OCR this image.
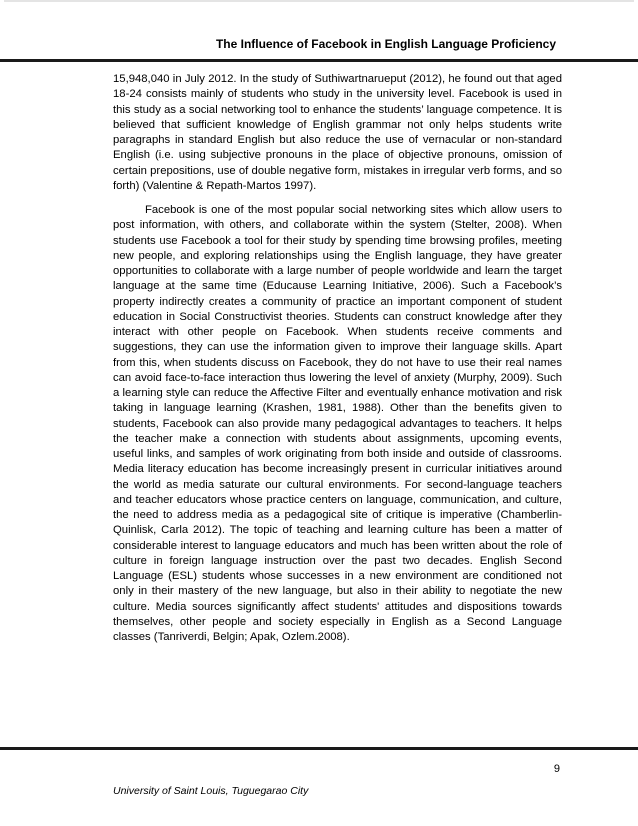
The Influence of Facebook in English Language Proficiency

15,948,040 in July 2012. In the study of Suthiwartnarueput (2012), he found out that aged 18-24 consists mainly of students who study in the university level. Facebook is used in this study as a social networking tool to enhance the students’ language competence. It is believed that sufficient knowledge of English grammar not only helps students write paragraphs in standard English but also reduce the use of vernacular or non-standard English (i.e. using subjective pronouns in the place of objective pronouns, omission of certain prepositions, use of double negative form, mistakes in irregular verb forms, and so forth) (Valentine & Repath-Martos 1997).

Facebook is one of the most popular social networking sites which allow users to post information, with others, and collaborate within the system (Stelter, 2008). When students use Facebook a tool for their study by spending time browsing profiles, meeting new people, and exploring relationships using the English language, they have greater opportunities to collaborate with a large number of people worldwide and learn the target language at the same time (Educause Learning Initiative, 2006). Such a Facebook’s property indirectly creates a community of practice an important component of student education in Social Constructivist theories. Students can construct knowledge after they interact with other people on Facebook. When students receive comments and suggestions, they can use the information given to improve their language skills. Apart from this, when students discuss on Facebook, they do not have to use their real names can avoid face-to-face interaction thus lowering the level of anxiety (Murphy, 2009). Such a learning style can reduce the Affective Filter and eventually enhance motivation and risk taking in language learning (Krashen, 1981, 1988). Other than the benefits given to students, Facebook can also provide many pedagogical advantages to teachers. It helps the teacher make a connection with students about assignments, upcoming events, useful links, and samples of work originating from both inside and outside of classrooms. Media literacy education has become increasingly present in curricular initiatives around the world as media saturate our cultural environments. For second-language teachers and teacher educators whose practice centers on language, communication, and culture, the need to address media as a pedagogical site of critique is imperative (Chamberlin-Quinlisk, Carla 2012). The topic of teaching and learning culture has been a matter of considerable interest to language educators and much has been written about the role of culture in foreign language instruction over the past two decades. English Second Language (ESL) students whose successes in a new environment are conditioned not only in their mastery of the new language, but also in their ability to negotiate the new culture. Media sources significantly affect students' attitudes and dispositions towards themselves, other people and society especially in English as a Second Language classes (Tanriverdi, Belgin; Apak, Ozlem.2008).

9
University of Saint Louis, Tuguegarao City
